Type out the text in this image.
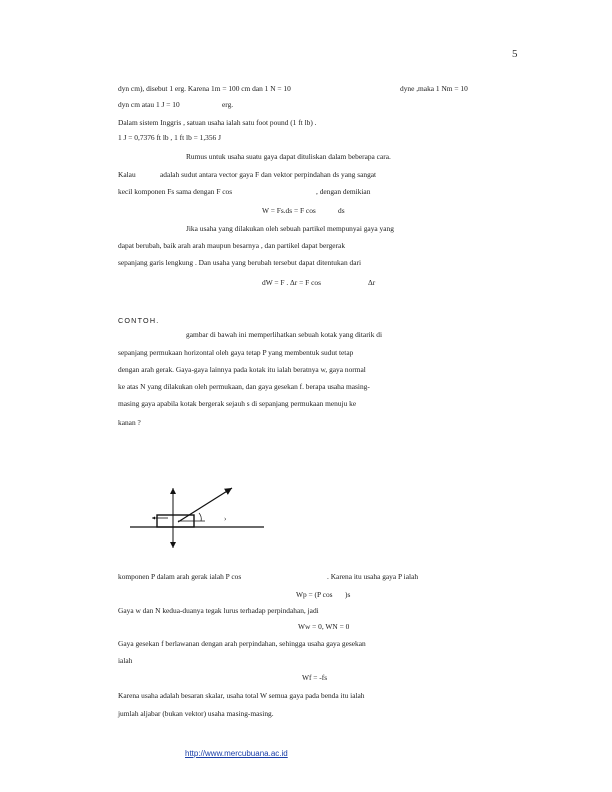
5
dyn cm), disebut 1 erg. Karena 1m = 100 cm dan 1 N = 10	dyne ,maka 1 Nm = 10
dyn cm atau 1 J = 10	erg.
Dalam sistem Inggris , satuan usaha ialah satu foot pound (1 ft lb) .
1 J = 0,7376 ft lb , 1 ft lb = 1,356 J
Rumus untuk usaha suatu gaya dapat dituliskan dalam beberapa cara.
Kalau	adalah sudut antara vector gaya F dan vektor perpindahan ds yang sangat
kecil komponen Fs sama dengan F cos	, dengan demikian
W = Fs.ds = F cos	ds
Jika usaha yang dilakukan oleh sebuah partikel mempunyai gaya yang
dapat berubah, baik arah arah maupun besarnya , dan partikel dapat bergerak
sepanjang garis lengkung . Dan usaha yang berubah tersebut dapat ditentukan dari
dW = F . Δr = F cos	Δr
CONTOH.
gambar di bawah ini memperlihatkan sebuah kotak yang ditarik di
sepanjang permukaan horizontal oleh gaya tetap P yang membentuk sudut tetap
dengan arah gerak. Gaya-gaya lainnya pada kotak itu ialah beratnya w, gaya normal
ke atas N yang dilakukan oleh permukaan, dan gaya gesekan f. berapa usaha masing-
masing gaya apabila kotak bergerak sejauh s di sepanjang permukaan menuju ke
kanan ?
›
komponen P dalam arah gerak ialah P cos	. Karena itu usaha gaya P ialah
Wp = (P cos )s
Gaya w dan N kedua-duanya tegak lurus terhadap perpindahan, jadi
Ww = 0, WN = 0
Gaya gesekan f berlawanan dengan arah perpindahan, sehingga usaha gaya gesekan
ialah
Wf = -fs
Karena usaha adalah besaran skalar, usaha total W semua gaya pada benda itu ialah
jumlah aljabar (bukan vektor) usaha masing-masing.
http://www.mercubuana.ac.id
